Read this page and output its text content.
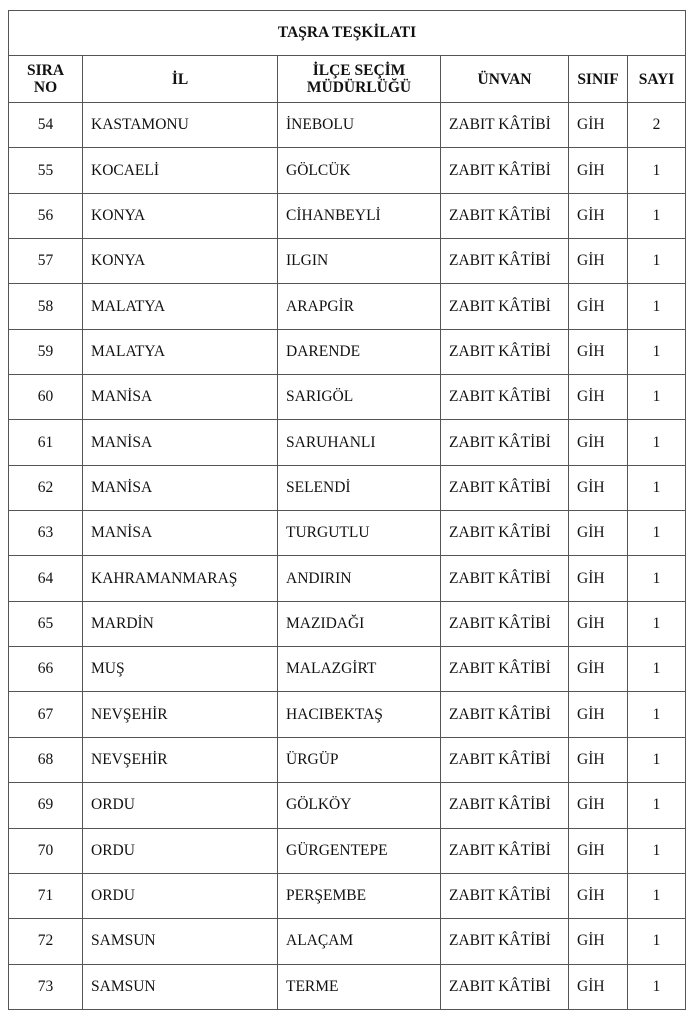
TAŞRA TEŞKİLATI					
SIRA NO	İL	İLÇE SEÇİM MÜDÜRLÜĞÜ	ÜNVAN	SINIF	SAYI
54	KASTAMONU	İNEBOLU	ZABIT KÂTİBİ	GİH	2
55	KOCAELİ	GÖLCÜK	ZABIT KÂTİBİ	GİH	1
56	KONYA	CİHANBEYLİ	ZABIT KÂTİBİ	GİH	1
57	KONYA	ILGIN	ZABIT KÂTİBİ	GİH	1
58	MALATYA	ARAPGİR	ZABIT KÂTİBİ	GİH	1
59	MALATYA	DARENDE	ZABIT KÂTİBİ	GİH	1
60	MANİSA	SARIGÖL	ZABIT KÂTİBİ	GİH	1
61	MANİSA	SARUHANLI	ZABIT KÂTİBİ	GİH	1
62	MANİSA	SELENDİ	ZABIT KÂTİBİ	GİH	1
63	MANİSA	TURGUTLU	ZABIT KÂTİBİ	GİH	1
64	KAHRAMANMARAŞ	ANDIRIN	ZABIT KÂTİBİ	GİH	1
65	MARDİN	MAZIDAĞI	ZABIT KÂTİBİ	GİH	1
66	MUŞ	MALAZGİRT	ZABIT KÂTİBİ	GİH	1
67	NEVŞEHİR	HACIBEKTAŞ	ZABIT KÂTİBİ	GİH	1
68	NEVŞEHİR	ÜRGÜP	ZABIT KÂTİBİ	GİH	1
69	ORDU	GÖLKÖY	ZABIT KÂTİBİ	GİH	1
70	ORDU	GÜRGENTEPE	ZABIT KÂTİBİ	GİH	1
71	ORDU	PERŞEMBE	ZABIT KÂTİBİ	GİH	1
72	SAMSUN	ALAÇAM	ZABIT KÂTİBİ	GİH	1
73	SAMSUN	TERME	ZABIT KÂTİBİ	GİH	1
